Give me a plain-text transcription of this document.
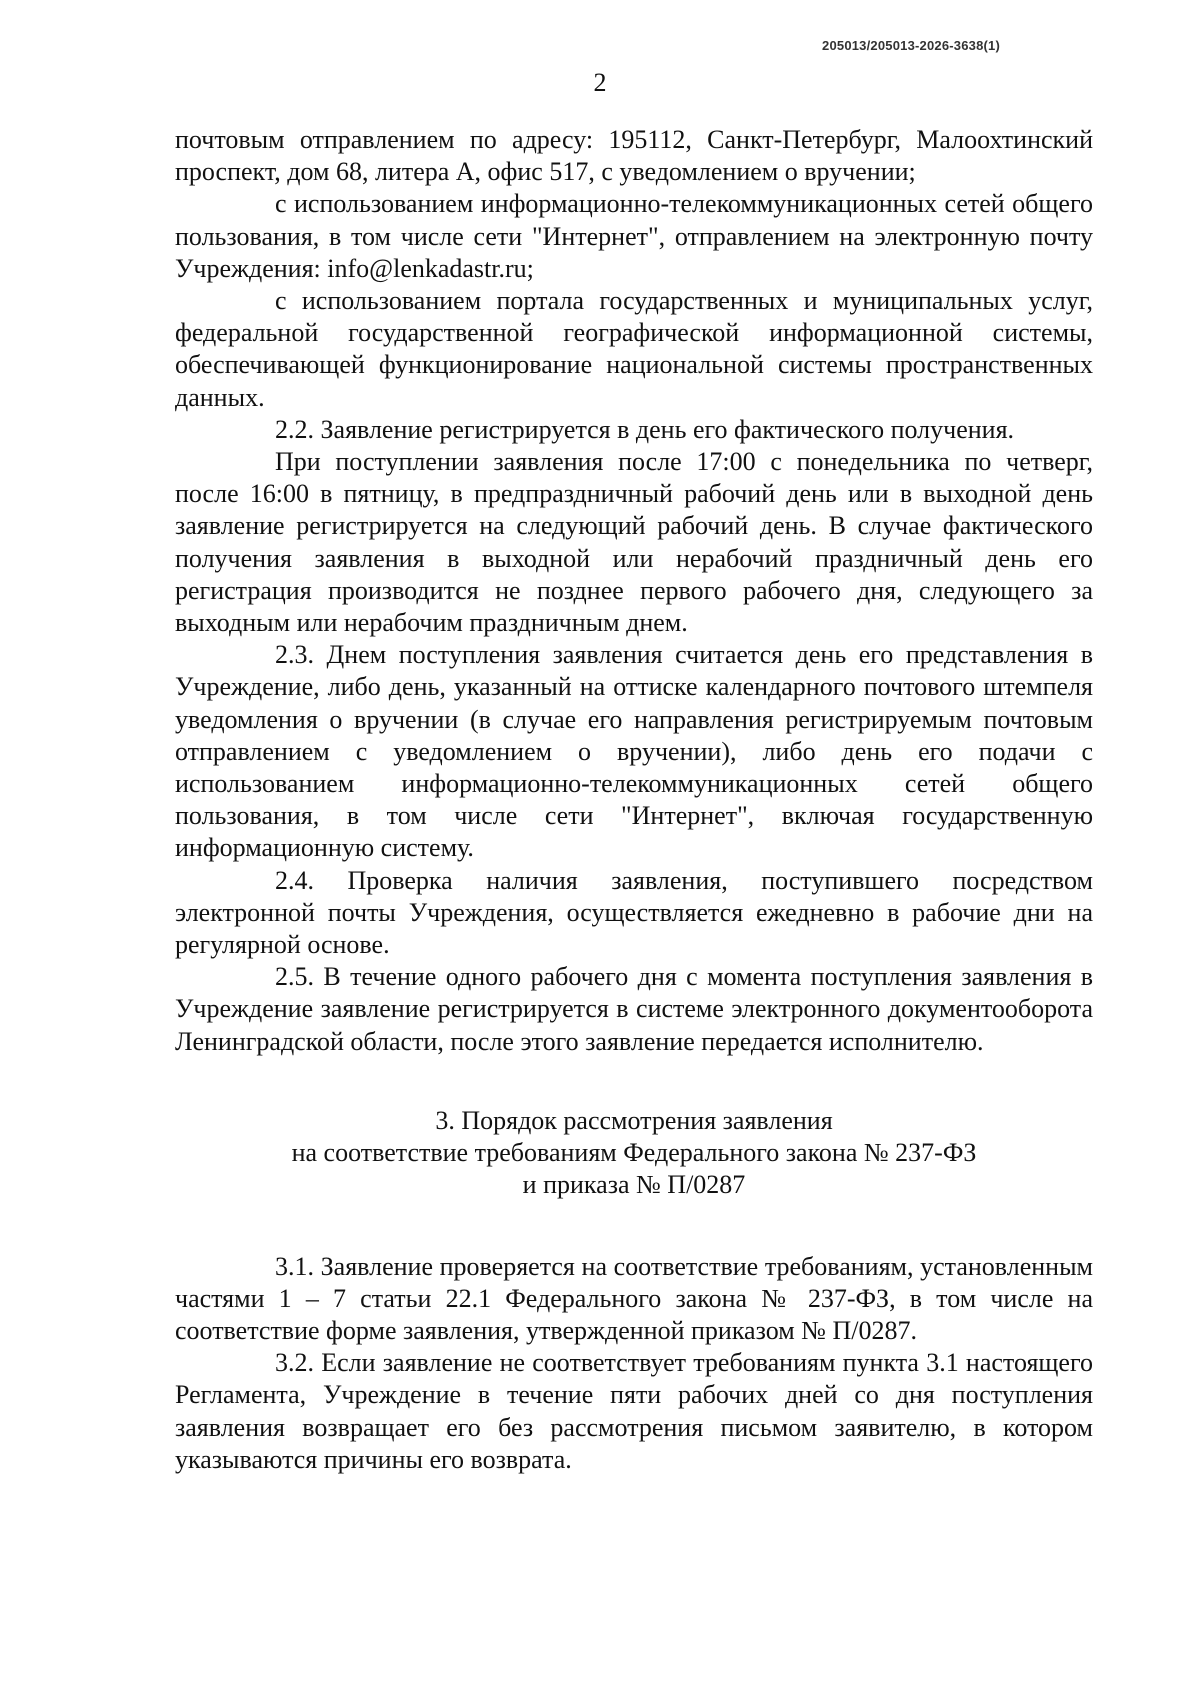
205013/205013-2026-3638(1)
2

почтовым отправлением по адресу: 195112, Санкт-Петербург, Малоохтинский проспект, дом 68, литера А, офис 517, с уведомлением о вручении;

с использованием информационно-телекоммуникационных сетей общего пользования, в том числе сети "Интернет", отправлением на электронную почту Учреждения: info@lenkadastr.ru;

с использованием портала государственных и муниципальных услуг, федеральной государственной географической информационной системы, обеспечивающей функционирование национальной системы пространственных данных.

2.2. Заявление регистрируется в день его фактического получения.

При поступлении заявления после 17:00 с понедельника по четверг, после 16:00 в пятницу, в предпраздничный рабочий день или в выходной день заявление регистрируется на следующий рабочий день. В случае фактического получения заявления в выходной или нерабочий праздничный день его регистрация производится не позднее первого рабочего дня, следующего за выходным или нерабочим праздничным днем.

2.3. Днем поступления заявления считается день его представления в Учреждение, либо день, указанный на оттиске календарного почтового штемпеля уведомления о вручении (в случае его направления регистрируемым почтовым отправлением с уведомлением о вручении), либо день его подачи с использованием информационно-телекоммуникационных сетей общего пользования, в том числе сети "Интернет", включая государственную информационную систему.

2.4. Проверка наличия заявления, поступившего посредством электронной почты Учреждения, осуществляется ежедневно в рабочие дни на регулярной основе.

2.5. В течение одного рабочего дня с момента поступления заявления в Учреждение заявление регистрируется в системе электронного документооборота Ленинградской области, после этого заявление передается исполнителю.

3. Порядок рассмотрения заявления
на соответствие требованиям Федерального закона № 237-ФЗ
и приказа № П/0287

3.1. Заявление проверяется на соответствие требованиям, установленным частями 1 – 7 статьи 22.1 Федерального закона № 237-ФЗ, в том числе на соответствие форме заявления, утвержденной приказом № П/0287.

3.2. Если заявление не соответствует требованиям пункта 3.1 настоящего Регламента, Учреждение в течение пяти рабочих дней со дня поступления заявления возвращает его без рассмотрения письмом заявителю, в котором указываются причины его возврата.
